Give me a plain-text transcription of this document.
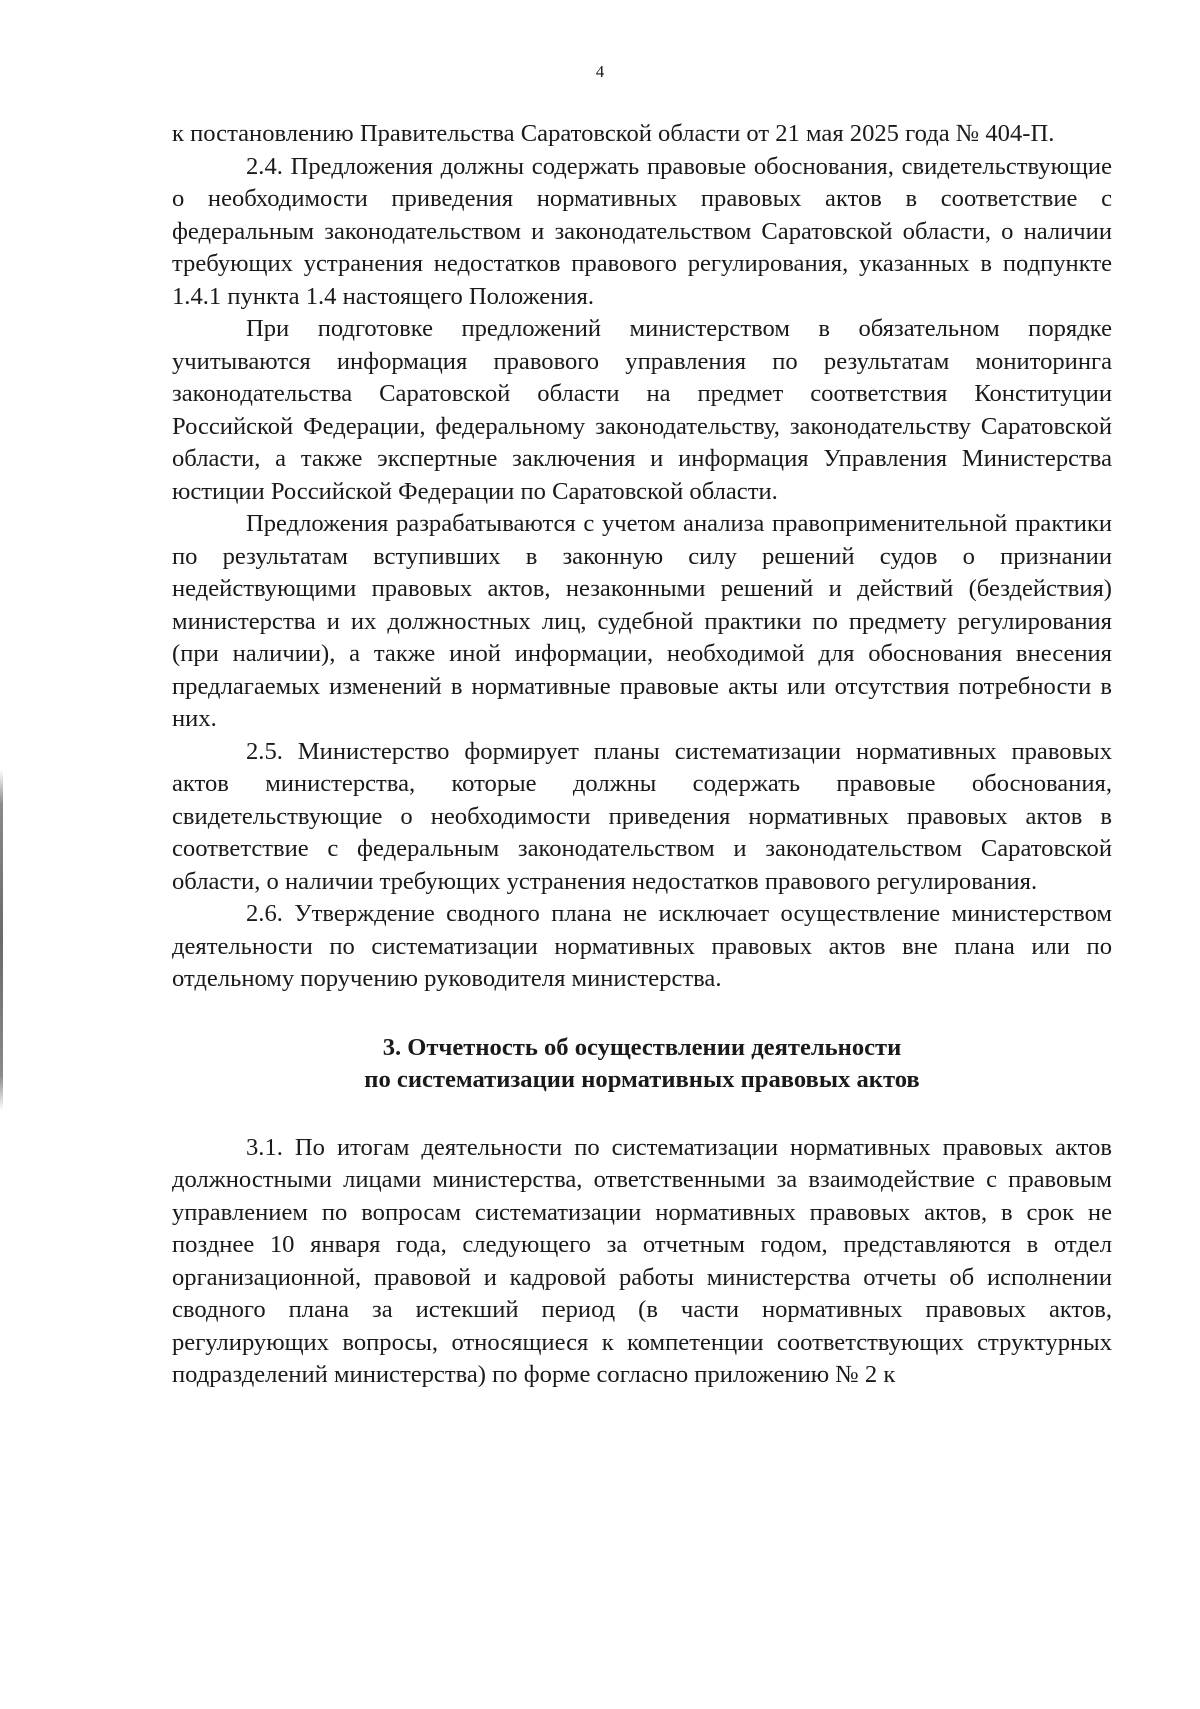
4

к постановлению Правительства Саратовской области от 21 мая 2025 года № 404-П.

2.4. Предложения должны содержать правовые обоснования, свидетельствующие о необходимости приведения нормативных правовых актов в соответствие с федеральным законодательством и законодательством Саратовской области, о наличии требующих устранения недостатков правового регулирования, указанных в подпункте 1.4.1 пункта 1.4 настоящего Положения.

При подготовке предложений министерством в обязательном порядке учитываются информация правового управления по результатам мониторинга законодательства Саратовской области на предмет соответствия Конституции Российской Федерации, федеральному законодательству, законодательству Саратовской области, а также экспертные заключения и информация Управления Министерства юстиции Российской Федерации по Саратовской области.

Предложения разрабатываются с учетом анализа правоприменительной практики по результатам вступивших в законную силу решений судов о признании недействующими правовых актов, незаконными решений и действий (бездействия) министерства и их должностных лиц, судебной практики по предмету регулирования (при наличии), а также иной информации, необходимой для обоснования внесения предлагаемых изменений в нормативные правовые акты или отсутствия потребности в них.

2.5. Министерство формирует планы систематизации нормативных правовых актов министерства, которые должны содержать правовые обоснования, свидетельствующие о необходимости приведения нормативных правовых актов в соответствие с федеральным законодательством и законодательством Саратовской области, о наличии требующих устранения недостатков правового регулирования.

2.6. Утверждение сводного плана не исключает осуществление министерством деятельности по систематизации нормативных правовых актов вне плана или по отдельному поручению руководителя министерства.

3. Отчетность об осуществлении деятельности
по систематизации нормативных правовых актов

3.1. По итогам деятельности по систематизации нормативных правовых актов должностными лицами министерства, ответственными за взаимодействие с правовым управлением по вопросам систематизации нормативных правовых актов, в срок не позднее 10 января года, следующего за отчетным годом, представляются в отдел организационной, правовой и кадровой работы министерства отчеты об исполнении сводного плана за истекший период (в части нормативных правовых актов, регулирующих вопросы, относящиеся к компетенции соответствующих структурных подразделений министерства) по форме согласно приложению № 2 к
